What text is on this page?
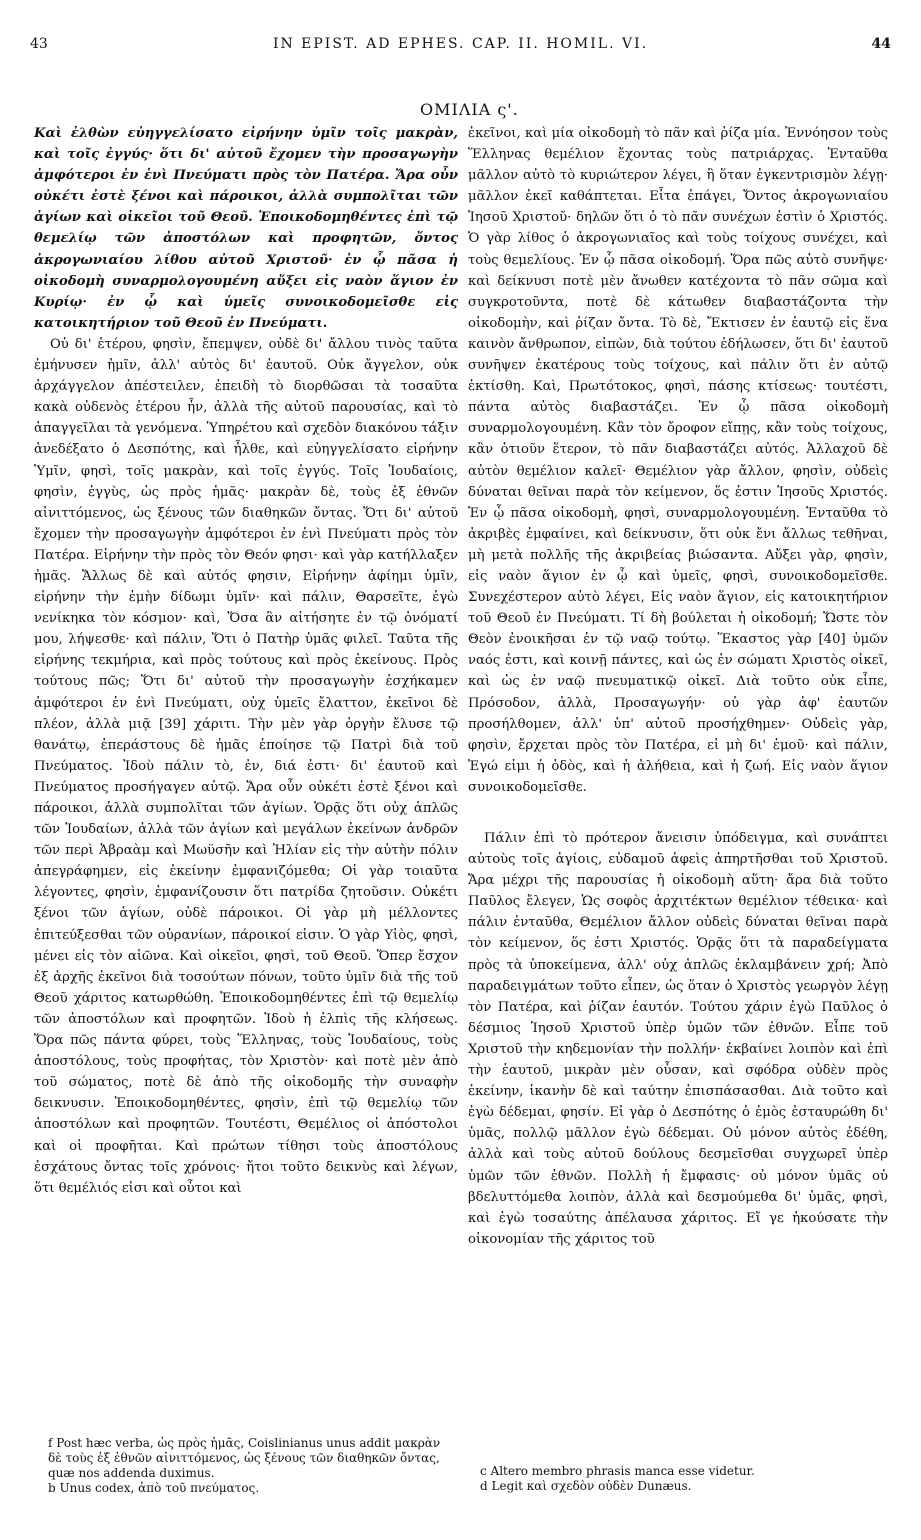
43	IN EPIST. AD EPHES. CAP. II. HOMIL. VI.	44
ΟΜΙΛΙΑ ς'.

Καὶ ἐλθὼν εὐηγγελίσατο εἰρήνην ὑμῖν τοῖς μακρὰν, καὶ τοῖς ἐγγύς· ὅτι δι' αὐτοῦ ἔχομεν τὴν προσαγωγὴν ἀμφότεροι ἐν ἑνὶ Πνεύματι πρὸς τὸν Πατέρα. Ἄρα οὖν οὐκέτι ἐστὲ ξένοι καὶ πάροικοι, ἀλλὰ συμπολῖται τῶν ἁγίων καὶ οἰκεῖοι τοῦ Θεοῦ. Ἐποικοδομηθέντες ἐπὶ τῷ θεμελίῳ τῶν ἀποστόλων καὶ προφητῶν, ὄντος ἀκρογωνιαίου λίθου αὐτοῦ Χριστοῦ· ἐν ᾧ πᾶσα ἡ οἰκοδομὴ συναρμολογουμένη αὔξει εἰς ναὸν ἅγιον ἐν Κυρίῳ· ἐν ᾧ καὶ ὑμεῖς συνοικοδομεῖσθε εἰς κατοικητήριον τοῦ Θεοῦ ἐν Πνεύματι.

Οὐ δι' ἑτέρου, φησὶν, ἔπεμψεν, οὐδὲ δι' ἄλλου τινὸς ταῦτα ἐμήνυσεν ἡμῖν, ἀλλ' αὐτὸς δι' ἑαυτοῦ. Οὐκ ἄγγελον, οὐκ ἀρχάγγελον ἀπέστειλεν, ἐπειδὴ τὸ διορθῶσαι τὰ τοσαῦτα κακὰ οὐδενὸς ἑτέρου ἦν, ἀλλὰ τῆς αὐτοῦ παρουσίας, καὶ τὸ ἀπαγγεῖλαι τὰ γενόμενα. Ὑπηρέτου καὶ σχεδὸν διακόνου τάξιν ἀνεδέξατο ὁ Δεσπότης, καὶ ἦλθε, καὶ εὐηγγελίσατο εἰρήνην Ὑμῖν, φησὶ, τοῖς μακρὰν, καὶ τοῖς ἐγγύς. Τοῖς Ἰουδαίοις, φησὶν, ἐγγὺς, ὡς πρὸς ἡμᾶς· μακρὰν δὲ, τοὺς ἐξ ἐθνῶν αἰνιττόμενος, ὡς ξένους τῶν διαθηκῶν ὄντας. Ὅτι δι' αὐτοῦ ἔχομεν τὴν προσαγωγὴν ἀμφότεροι ἐν ἑνὶ Πνεύματι πρὸς τὸν Πατέρα. Εἰρήνην τὴν πρὸς τὸν Θεόν φησι· καὶ γὰρ κατήλλαξεν ἡμᾶς. Ἄλλως δὲ καὶ αὐτός φησιν, Εἰρήνην ἀφίημι ὑμῖν, εἰρήνην τὴν ἐμὴν δίδωμι ὑμῖν· καὶ πάλιν, Θαρσεῖτε, ἐγὼ νενίκηκα τὸν κόσμον· καὶ, Ὅσα ἂν αἰτήσητε ἐν τῷ ὀνόματί μου, λήψεσθε· καὶ πάλιν, Ὅτι ὁ Πατὴρ ὑμᾶς φιλεῖ. Ταῦτα τῆς εἰρήνης τεκμήρια, καὶ πρὸς τούτους καὶ πρὸς ἐκείνους. Πρὸς τούτους πῶς; Ὅτι δι' αὐτοῦ τὴν προσαγωγὴν ἐσχήκαμεν ἀμφότεροι ἐν ἑνὶ Πνεύματι, οὐχ ὑμεῖς ἔλαττον, ἐκεῖνοι δὲ πλέον, ἀλλὰ μιᾷ [39] χάριτι. Τὴν μὲν γὰρ ὀργὴν ἔλυσε τῷ θανάτῳ, ἐπεράστους δὲ ἡμᾶς ἐποίησε τῷ Πατρὶ διὰ τοῦ Πνεύματος. Ἰδοὺ πάλιν τὸ, ἐν, διά ἐστι· δι' ἑαυτοῦ καὶ Πνεύματος προσήγαγεν αὐτῷ. Ἄρα οὖν οὐκέτι ἐστὲ ξένοι καὶ πάροικοι, ἀλλὰ συμπολῖται τῶν ἁγίων. Ὁρᾷς ὅτι οὐχ ἁπλῶς τῶν Ἰουδαίων, ἀλλὰ τῶν ἁγίων καὶ μεγάλων ἐκείνων ἀνδρῶν τῶν περὶ Ἀβραὰμ καὶ Μωϋσῆν καὶ Ἠλίαν εἰς τὴν αὐτὴν πόλιν ἀπεγράφημεν, εἰς ἐκείνην ἐμφανιζόμεθα; Οἱ γὰρ τοιαῦτα λέγοντες, φησὶν, ἐμφανίζουσιν ὅτι πατρίδα ζητοῦσιν. Οὐκέτι ξένοι τῶν ἁγίων, οὐδὲ πάροικοι. Οἱ γὰρ μὴ μέλλοντες ἐπιτεύξεσθαι τῶν οὐρανίων, πάροικοί εἰσιν. Ὁ γὰρ Υἱὸς, φησὶ, μένει εἰς τὸν αἰῶνα. Καὶ οἰκεῖοι, φησὶ, τοῦ Θεοῦ. Ὅπερ ἔσχον ἐξ ἀρχῆς ἐκεῖνοι διὰ τοσούτων πόνων, τοῦτο ὑμῖν διὰ τῆς τοῦ Θεοῦ χάριτος κατωρθώθη. Ἐποικοδομηθέντες ἐπὶ τῷ θεμελίῳ τῶν ἀποστόλων καὶ προφητῶν. Ἰδοὺ ἡ ἐλπὶς τῆς κλήσεως. Ὅρα πῶς πάντα φύρει, τοὺς Ἕλληνας, τοὺς Ἰουδαίους, τοὺς ἀποστόλους, τοὺς προφήτας, τὸν Χριστὸν· καὶ ποτὲ μὲν ἀπὸ τοῦ σώματος, ποτὲ δὲ ἀπὸ τῆς οἰκοδομῆς τὴν συναφὴν δεικνυσιν. Ἐποικοδομηθέντες, φησὶν, ἐπὶ τῷ θεμελίῳ τῶν ἀποστόλων καὶ προφητῶν. Τουτέστι, Θεμέλιος οἱ ἀπόστολοι καὶ οἱ προφῆται. Καὶ πρώτων τίθησι τοὺς ἀποστόλους ἐσχάτους ὄντας τοῖς χρόνοις· ἤτοι τοῦτο δεικνὺς καὶ λέγων, ὅτι θεμέλιός εἰσι καὶ οὗτοι καὶ

ἐκεῖνοι, καὶ μία οἰκοδομὴ τὸ πᾶν καὶ ῥίζα μία. Ἐννόησον τοὺς Ἕλληνας θεμέλιον ἔχοντας τοὺς πατριάρχας. Ἐνταῦθα μᾶλλον αὐτὸ τὸ κυριώτερον λέγει, ἢ ὅταν ἐγκεντρισμὸν λέγῃ· μᾶλλον ἐκεῖ καθάπτεται. Εἶτα ἐπάγει, Ὄντος ἀκρογωνιαίου Ἰησοῦ Χριστοῦ· δηλῶν ὅτι ὁ τὸ πᾶν συνέχων ἐστὶν ὁ Χριστός. Ὁ γὰρ λίθος ὁ ἀκρογωνιαῖος καὶ τοὺς τοίχους συνέχει, καὶ τοὺς θεμελίους. Ἐν ᾧ πᾶσα οἰκοδομή. Ὅρα πῶς αὐτὸ συνῆψε· καὶ δείκνυσι ποτὲ μὲν ἄνωθεν κατέχοντα τὸ πᾶν σῶμα καὶ συγκροτοῦντα, ποτὲ δὲ κάτωθεν διαβαστάζοντα τὴν οἰκοδομὴν, καὶ ῥίζαν ὄντα. Τὸ δὲ, Ἔκτισεν ἐν ἑαυτῷ εἰς ἕνα καινὸν ἄνθρωπον, εἰπὼν, διὰ τούτου ἐδήλωσεν, ὅτι δι' ἑαυτοῦ συνῆψεν ἑκατέρους τοὺς τοίχους, καὶ πάλιν ὅτι ἐν αὐτῷ ἐκτίσθη. Καὶ, Πρωτότοκος, φησὶ, πάσης κτίσεως· τουτέστι, πάντα αὐτὸς διαβαστάζει. Ἐν ᾧ πᾶσα οἰκοδομὴ συναρμολογουμένη. Κἂν τὸν ὄροφον εἴπῃς, κἂν τοὺς τοίχους, κἂν ὁτιοῦν ἕτερον, τὸ πᾶν διαβαστάζει αὐτός. Ἀλλαχοῦ δὲ αὐτὸν θεμέλιον καλεῖ· Θεμέλιον γὰρ ἄλλον, φησὶν, οὐδεὶς δύναται θεῖναι παρὰ τὸν κείμενον, ὅς ἐστιν Ἰησοῦς Χριστός. Ἐν ᾧ πᾶσα οἰκοδομὴ, φησὶ, συναρμολογουμένη. Ἐνταῦθα τὸ ἀκριβὲς ἐμφαίνει, καὶ δείκνυσιν, ὅτι οὐκ ἔνι ἄλλως τεθῆναι, μὴ μετὰ πολλῆς τῆς ἀκριβείας βιώσαντα. Αὔξει γὰρ, φησὶν, εἰς ναὸν ἅγιον ἐν ᾧ καὶ ὑμεῖς, φησὶ, συνοικοδομεῖσθε. Συνεχέστερον αὐτὸ λέγει, Εἰς ναὸν ἅγιον, εἰς κατοικητήριον τοῦ Θεοῦ ἐν Πνεύματι. Τί δὴ βούλεται ἡ οἰκοδομή; Ὥστε τὸν Θεὸν ἐνοικῆσαι ἐν τῷ ναῷ τούτῳ. Ἕκαστος γὰρ [40] ὑμῶν ναός ἐστι, καὶ κοινῇ πάντες, καὶ ὡς ἐν σώματι Χριστὸς οἰκεῖ, καὶ ὡς ἐν ναῷ πνευματικῷ οἰκεῖ. Διὰ τοῦτο οὐκ εἶπε, Πρόσοδον, ἀλλὰ, Προσαγωγήν· οὐ γὰρ ἀφ' ἑαυτῶν προσήλθομεν, ἀλλ' ὑπ' αὐτοῦ προσήχθημεν· Οὐδεὶς γὰρ, φησὶν, ἔρχεται πρὸς τὸν Πατέρα, εἰ μὴ δι' ἐμοῦ· καὶ πάλιν, Ἐγώ εἰμι ἡ ὁδὸς, καὶ ἡ ἀλήθεια, καὶ ἡ ζωή. Εἰς ναὸν ἅγιον συνοικοδομεῖσθε.

Πάλιν ἐπὶ τὸ πρότερον ἄνεισιν ὑπόδειγμα, καὶ συνάπτει αὐτοὺς τοῖς ἁγίοις, εὐδαμοῦ ἀφεὶς ἀπηρτῆσθαι τοῦ Χριστοῦ. Ἄρα μέχρι τῆς παρουσίας ἡ οἰκοδομὴ αὕτη· ἄρα διὰ τοῦτο Παῦλος ἔλεγεν, Ὡς σοφὸς ἀρχιτέκτων θεμέλιον τέθεικα· καὶ πάλιν ἐνταῦθα, Θεμέλιον ἄλλον οὐδεὶς δύναται θεῖναι παρὰ τὸν κείμενον, ὅς ἐστι Χριστός. Ὁρᾷς ὅτι τὰ παραδείγματα πρὸς τὰ ὑποκείμενα, ἀλλ' οὐχ ἁπλῶς ἐκλαμβάνειν χρή; Ἀπὸ παραδειγμάτων τοῦτο εἶπεν, ὡς ὅταν ὁ Χριστὸς γεωργὸν λέγῃ τὸν Πατέρα, καὶ ῥίζαν ἑαυτόν. Τούτου χάριν ἐγὼ Παῦλος ὁ δέσμιος Ἰησοῦ Χριστοῦ ὑπὲρ ὑμῶν τῶν ἐθνῶν. Εἶπε τοῦ Χριστοῦ τὴν κηδεμονίαν τὴν πολλήν· ἐκβαίνει λοιπὸν καὶ ἐπὶ τὴν ἑαυτοῦ, μικρὰν μὲν οὖσαν, καὶ σφόδρα οὐδὲν πρὸς ἐκείνην, ἱκανὴν δὲ καὶ ταύτην ἐπισπάσασθαι. Διὰ τοῦτο καὶ ἐγὼ δέδεμαι, φησίν. Εἰ γὰρ ὁ Δεσπότης ὁ ἐμὸς ἐσταυρώθη δι' ὑμᾶς, πολλῷ μᾶλλον ἐγὼ δέδεμαι. Οὐ μόνον αὐτὸς ἐδέθη, ἀλλὰ καὶ τοὺς αὐτοῦ δούλους δεσμεῖσθαι συγχωρεῖ ὑπὲρ ὑμῶν τῶν ἐθνῶν. Πολλὴ ἡ ἔμφασις· οὐ μόνον ὑμᾶς οὐ βδελυττόμεθα λοιπὸν, ἀλλὰ καὶ δεσμούμεθα δι' ὑμᾶς, φησὶ, καὶ ἐγὼ τοσαύτης ἀπέλαυσα χάριτος. Εἴ γε ἠκούσατε τὴν οἰκονομίαν τῆς χάριτος τοῦ

f Post hæc verba, ὡς πρὸς ἡμᾶς, Coislinianus unus addit μακρὰν δὲ τοὺς ἐξ ἐθνῶν αἰνιττόμενος, ὡς ξένους τῶν διαθηκῶν ὄντας, quæ nos addenda duximus.
b Unus codex, ἀπὸ τοῦ πνεύματος.
c Altero membro phrasis manca esse videtur.
d Legit καὶ σχεδὸν οὐδὲν Dunæus.
